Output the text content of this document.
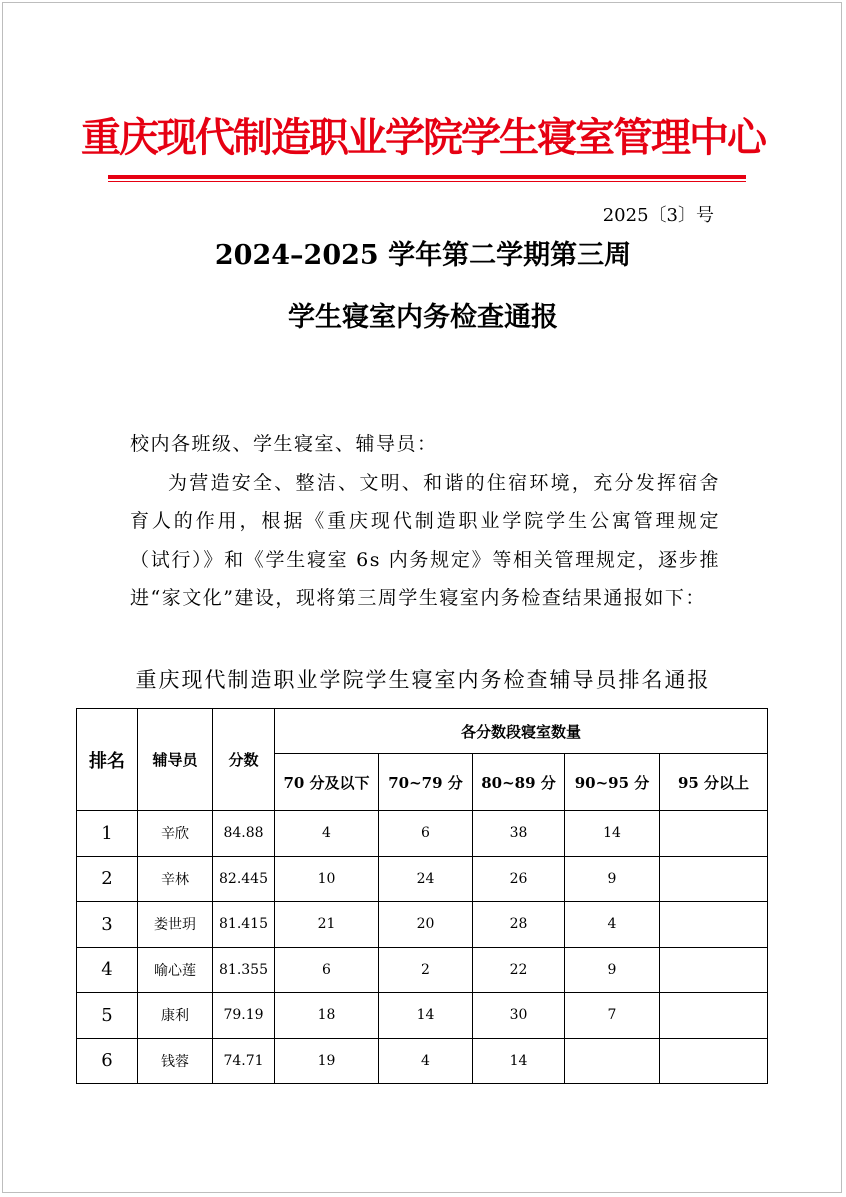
重庆现代制造职业学院学生寝室管理中心
2025〔3〕号
2024–2025 学年第二学期第三周
学生寝室内务检查通报

校内各班级、学生寝室、辅导员：

为营造安全、整洁、文明、和谐的住宿环境，充分发挥宿舍育人的作用，根据《重庆现代制造职业学院学生公寓管理规定（试行）》和《学生寝室 6s 内务规定》等相关管理规定，逐步推进“家文化”建设，现将第三周学生寝室内务检查结果通报如下：

重庆现代制造职业学院学生寝室内务检查辅导员排名通报
排名	辅导员	分数	各分数段寝室数量				
			70 分及以下	70~79 分	80~89 分	90~95 分	95 分以上
1	辛欣	84.88	4	6	38	14	
2	辛林	82.445	10	24	26	9	
3	娄世玥	81.415	21	20	28	4	
4	喻心莲	81.355	6	2	22	9	
5	康利	79.19	18	14	30	7	
6	钱蓉	74.71	19	4	14		
